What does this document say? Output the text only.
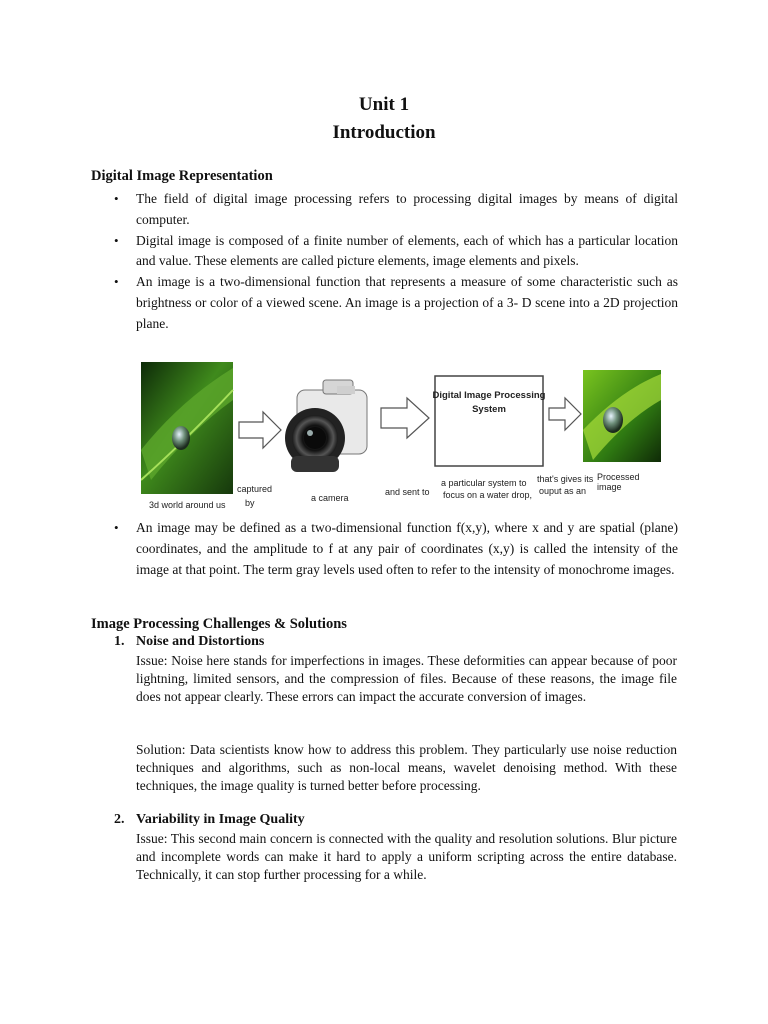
Unit 1
Introduction
Digital Image Representation
• The field of digital image processing refers to processing digital images by means of digital computer.
• Digital image is composed of a finite number of elements, each of which has a particular location and value. These elements are called picture elements, image elements and pixels.
• An image is a two-dimensional function that represents a measure of some characteristic such as brightness or color of a viewed scene. An image is a projection of a 3- D scene into a 2D projection plane.
Digital Image Processing
System
3d world around us
captured
by	a camera
and sent to
a particular system to
focus on a water drop,
that's gives its
ouput as an
Processed image
• An image may be defined as a two-dimensional function f(x,y), where x and y are spatial (plane) coordinates, and the amplitude to f at any pair of coordinates (x,y) is called the intensity of the image at that point. The term gray levels used often to refer to the intensity of monochrome images.
Image Processing Challenges & Solutions
1. Noise and Distortions
Issue: Noise here stands for imperfections in images. These deformities can appear because of poor lightning, limited sensors, and the compression of files. Because of these reasons, the image file does not appear clearly. These errors can impact the accurate conversion of images.
Solution: Data scientists know how to address this problem. They particularly use noise reduction techniques and algorithms, such as non-local means, wavelet denoising method. With these techniques, the image quality is turned better before processing.
2. Variability in Image Quality
Issue: This second main concern is connected with the quality and resolution solutions. Blur picture and incomplete words can make it hard to apply a uniform scripting across the entire database. Technically, it can stop further processing for a while.
